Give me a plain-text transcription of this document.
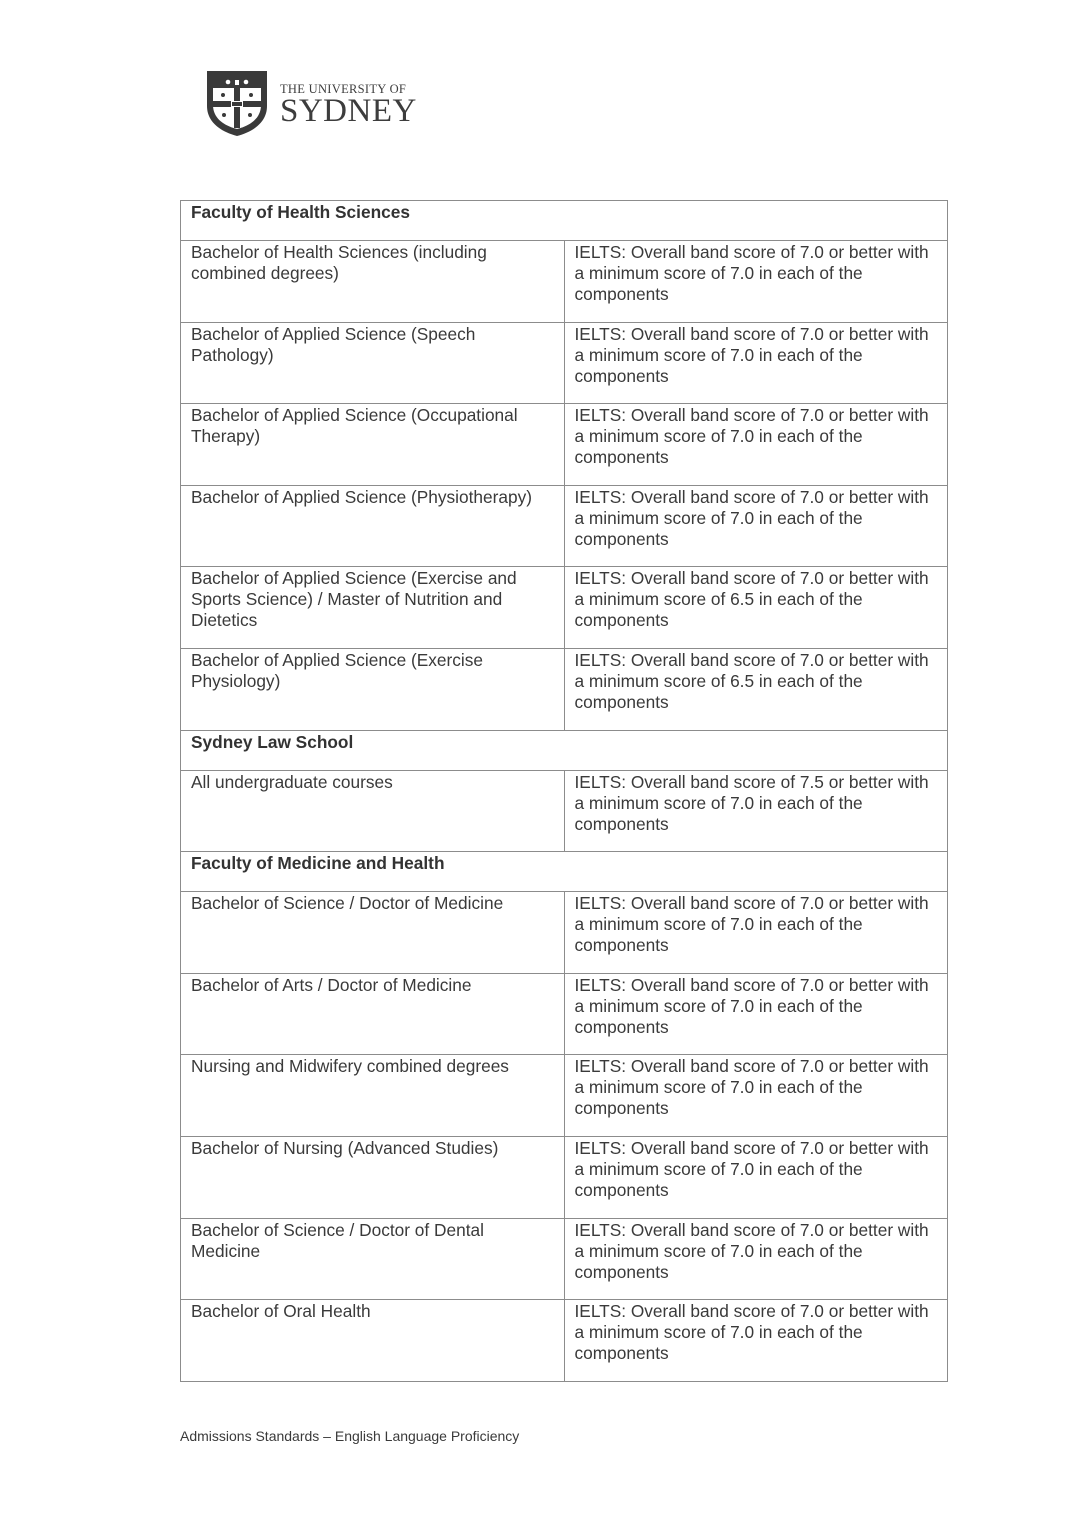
THE UNIVERSITY OF
SYDNEY
Faculty of Health Sciences	
Bachelor of Health Sciences (including combined degrees)	IELTS: Overall band score of 7.0 or better with a minimum score of 7.0 in each of the components
Bachelor of Applied Science (Speech Pathology)	IELTS: Overall band score of 7.0 or better with a minimum score of 7.0 in each of the components
Bachelor of Applied Science (Occupational Therapy)	IELTS: Overall band score of 7.0 or better with a minimum score of 7.0 in each of the components
Bachelor of Applied Science (Physiotherapy)	IELTS: Overall band score of 7.0 or better with a minimum score of 7.0 in each of the components
Bachelor of Applied Science (Exercise and Sports Science) / Master of Nutrition and Dietetics	IELTS: Overall band score of 7.0 or better with a minimum score of 6.5 in each of the components
Bachelor of Applied Science (Exercise Physiology)	IELTS: Overall band score of 7.0 or better with a minimum score of 6.5 in each of the components
Sydney Law School	
All undergraduate courses	IELTS: Overall band score of 7.5 or better with a minimum score of 7.0 in each of the components
Faculty of Medicine and Health	
Bachelor of Science / Doctor of Medicine	IELTS: Overall band score of 7.0 or better with a minimum score of 7.0 in each of the components
Bachelor of Arts / Doctor of Medicine	IELTS: Overall band score of 7.0 or better with a minimum score of 7.0 in each of the components
Nursing and Midwifery combined degrees	IELTS: Overall band score of 7.0 or better with a minimum score of 7.0 in each of the components
Bachelor of Nursing (Advanced Studies)	IELTS: Overall band score of 7.0 or better with a minimum score of 7.0 in each of the components
Bachelor of Science / Doctor of Dental Medicine	IELTS: Overall band score of 7.0 or better with a minimum score of 7.0 in each of the components
Bachelor of Oral Health	IELTS: Overall band score of 7.0 or better with a minimum score of 7.0 in each of the components
Admissions Standards – English Language Proficiency
